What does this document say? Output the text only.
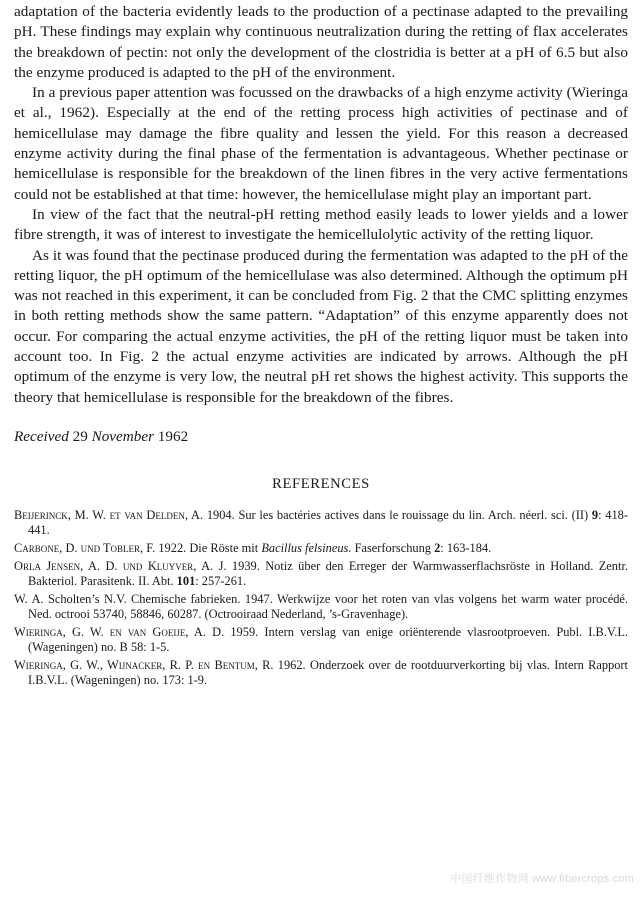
adaptation of the bacteria evidently leads to the production of a pectinase adapted to the prevailing pH. These findings may explain why continuous neutralization during the retting of flax accelerates the breakdown of pectin: not only the development of the clostridia is better at a pH of 6.5 but also the enzyme produced is adapted to the pH of the environment.

In a previous paper attention was focussed on the drawbacks of a high enzyme activity (Wieringa et al., 1962). Especially at the end of the retting process high activities of pectinase and of hemicellulase may damage the fibre quality and lessen the yield. For this reason a decreased enzyme activity during the final phase of the fermentation is advantageous. Whether pectinase or hemicellulase is responsible for the breakdown of the linen fibres in the very active fermentations could not be established at that time: however, the hemicellulase might play an important part.

In view of the fact that the neutral-pH retting method easily leads to lower yields and a lower fibre strength, it was of interest to investigate the hemicellulolytic activity of the retting liquor.

As it was found that the pectinase produced during the fermentation was adapted to the pH of the retting liquor, the pH optimum of the hemicellulase was also determined. Although the optimum pH was not reached in this experiment, it can be concluded from Fig. 2 that the CMC splitting enzymes in both retting methods show the same pattern. “Adaptation” of this enzyme apparently does not occur. For comparing the actual enzyme activities, the pH of the retting liquor must be taken into account too. In Fig. 2 the actual enzyme activities are indicated by arrows. Although the pH optimum of the enzyme is very low, the neutral pH ret shows the highest activity. This supports the theory that hemicellulase is responsible for the breakdown of the fibres.

Received 29 November 1962

REFERENCES
Beijerinck, M. W. et van Delden, A. 1904. Sur les bactéries actives dans le rouissage du lin. Arch. néerl. sci. (II) 9: 418-441.
Carbone, D. und Tobler, F. 1922. Die Röste mit Bacillus felsineus. Faserforschung 2: 163-184.
Orla Jensen, A. D. und Kluyver, A. J. 1939. Notiz über den Erreger der Warmwasserflachsröste in Holland. Zentr. Bakteriol. Parasitenk. II. Abt. 101: 257-261.
W. A. Scholten’s N.V. Chemische fabrieken. 1947. Werkwijze voor het roten van vlas volgens het warm water procédé. Ned. octrooi 53740, 58846, 60287. (Octrooiraad Nederland, ’s-Gravenhage).
Wieringa, G. W. en van Goeije, A. D. 1959. Intern verslag van enige oriënterende vlasrootproeven. Publ. I.B.V.L. (Wageningen) no. B 58: 1-5.
Wieringa, G. W., Wijnacker, R. P. en Bentum, R. 1962. Onderzoek over de rootduurverkorting bij vlas. Intern Rapport I.B.V.L. (Wageningen) no. 173: 1-9.
中国纤维作物网 www.fibercrops.com
